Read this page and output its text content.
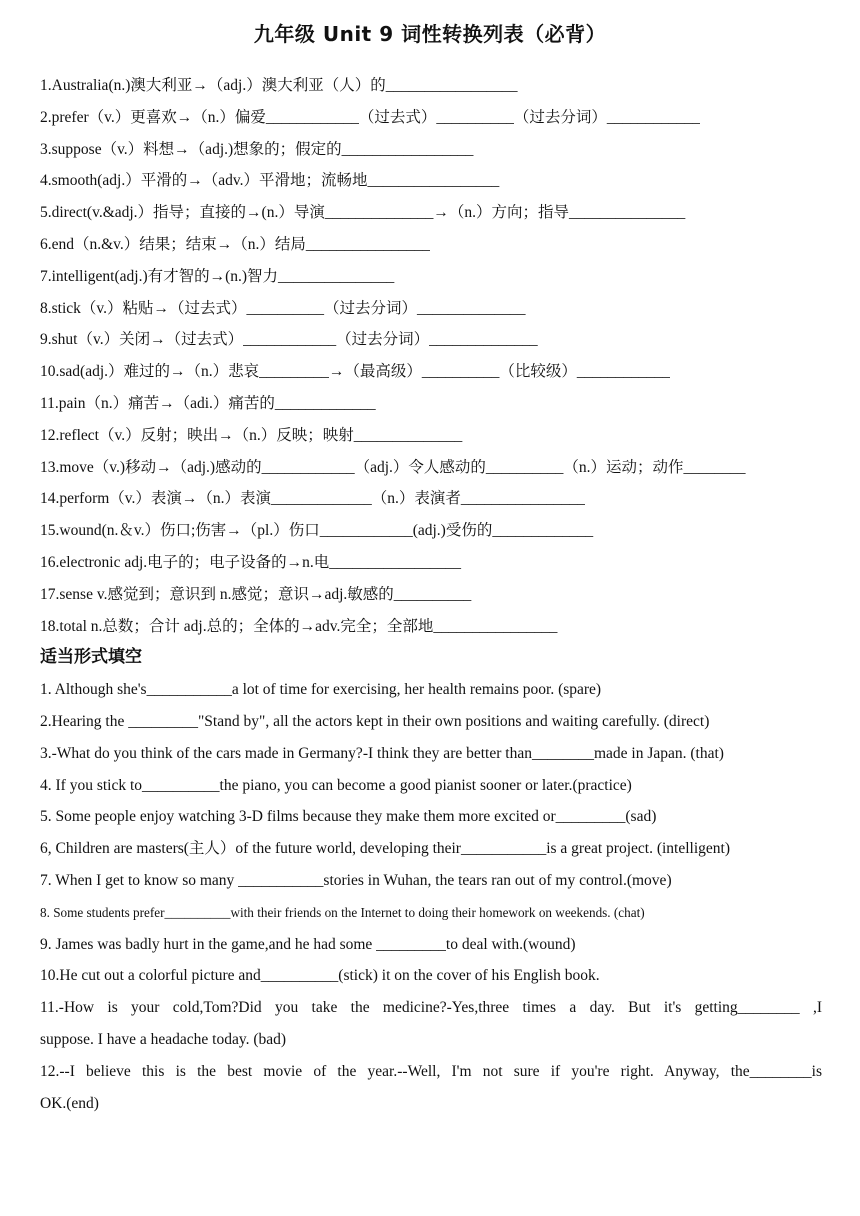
九年级 Unit 9 词性转换列表（必背）
1.Australia(n.)澳大利亚→（adj.）澳大利亚（人）的_________________
2.prefer（v.）更喜欢→（n.）偏爱____________（过去式）__________（过去分词）____________
3.suppose（v.）料想→（adj.)想象的；假定的_________________
4.smooth(adj.）平滑的→（adv.）平滑地；流畅地_________________
5.direct(v.&adj.）指导；直接的→(n.）导演______________→（n.）方向；指导_______________
6.end（n.&v.）结果；结束→（n.）结局________________
7.intelligent(adj.)有才智的→(n.)智力_______________
8.stick（v.）粘贴→（过去式）__________（过去分词）______________
9.shut（v.）关闭→（过去式）____________（过去分词）______________
10.sad(adj.）难过的→（n.）悲哀_________→（最高级）__________（比较级）____________
11.pain（n.）痛苦→（adi.）痛苦的_____________
12.reflect（v.）反射；映出→（n.）反映；映射______________
13.move（v.)移动→（adj.)感动的____________（adj.）令人感动的__________（n.）运动；动作________
14.perform（v.）表演→（n.）表演_____________（n.）表演者________________
15.wound(n.＆v.）伤口;伤害→（pl.）伤口____________(adj.)受伤的_____________
16.electronic adj.电子的；电子设备的→n.电_________________
17.sense v.感觉到；意识到 n.感觉；意识→adj.敏感的__________
18.total n.总数；合计 adj.总的；全体的→adv.完全；全部地________________
适当形式填空
1. Although she's___________a lot of time for exercising, her health remains poor. (spare)
2.Hearing the _________"Stand by", all the actors kept in their own positions and waiting carefully. (direct)
3.-What do you think of the cars made in Germany?-I think they are better than________made in Japan. (that)
4. If you stick to__________the piano, you can become a good pianist sooner or later.(practice)
5. Some people enjoy watching 3-D films because they make them more excited or_________(sad)
6, Children are masters(主人）of the future world, developing their___________is a great project. (intelligent)
7. When I get to know so many ___________stories in Wuhan, the tears ran out of my control.(move)
8. Some students prefer__________with their friends on the Internet to doing their homework on weekends. (chat)
9. James was badly hurt in the game,and he had some _________to deal with.(wound)
10.He cut out a colorful picture and__________(stick) it on the cover of his English book.
11.-How is your cold,Tom?Did you take the medicine?-Yes,three times a day. But it's getting________ ,I
suppose. I have a headache today. (bad)
12.--I believe this is the best movie of the year.--Well, I'm not sure if you're right. Anyway, the________is
OK.(end)
